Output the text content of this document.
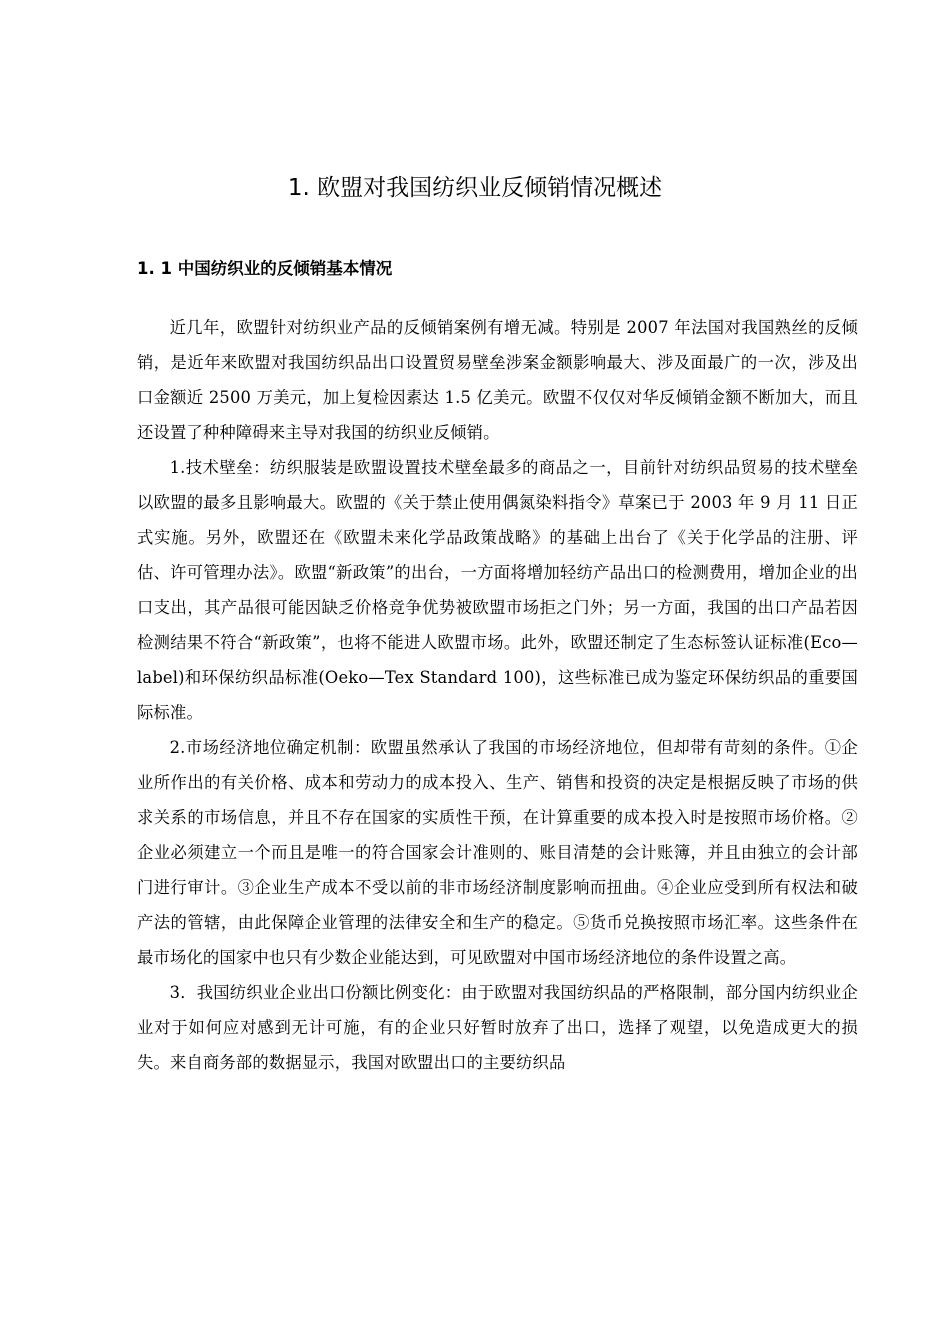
1. 欧盟对我国纺织业反倾销情况概述
1. 1 中国纺织业的反倾销基本情况

近几年，欧盟针对纺织业产品的反倾销案例有增无减。特别是 2007 年法国对我国熟丝的反倾销，是近年来欧盟对我国纺织品出口设置贸易壁垒涉案金额影响最大、涉及面最广的一次，涉及出口金额近 2500 万美元，加上复检因素达 1.5 亿美元。欧盟不仅仅对华反倾销金额不断加大，而且还设置了种种障碍来主导对我国的纺织业反倾销。

1.技术壁垒：纺织服装是欧盟设置技术壁垒最多的商品之一，目前针对纺织品贸易的技术壁垒以欧盟的最多且影响最大。欧盟的《关于禁止使用偶氮染料指令》草案已于 2003 年 9 月 11 日正式实施。另外，欧盟还在《欧盟未来化学品政策战略》的基础上出台了《关于化学品的注册、评估、许可管理办法》。欧盟“新政策”的出台，一方面将增加轻纺产品出口的检测费用，增加企业的出口支出，其产品很可能因缺乏价格竞争优势被欧盟市场拒之门外；另一方面，我国的出口产品若因检测结果不符合“新政策”，也将不能进人欧盟市场。此外，欧盟还制定了生态标签认证标准(Eco—label)和环保纺织品标准(Oeko—Tex Standard 100)，这些标准已成为鉴定环保纺织品的重要国际标准。

2.市场经济地位确定机制：欧盟虽然承认了我国的市场经济地位，但却带有苛刻的条件。①企业所作出的有关价格、成本和劳动力的成本投入、生产、销售和投资的决定是根据反映了市场的供求关系的市场信息，并且不存在国家的实质性干预，在计算重要的成本投入时是按照市场价格。②企业必须建立一个而且是唯一的符合国家会计准则的、账目清楚的会计账簿，并且由独立的会计部门进行审计。③企业生产成本不受以前的非市场经济制度影响而扭曲。④企业应受到所有权法和破产法的管辖，由此保障企业管理的法律安全和生产的稳定。⑤货币兑换按照市场汇率。这些条件在最市场化的国家中也只有少数企业能达到，可见欧盟对中国市场经济地位的条件设置之高。

3．我国纺织业企业出口份额比例变化：由于欧盟对我国纺织品的严格限制，部分国内纺织业企业对于如何应对感到无计可施，有的企业只好暂时放弃了出口，选择了观望，以免造成更大的损失。来自商务部的数据显示，我国对欧盟出口的主要纺织品
